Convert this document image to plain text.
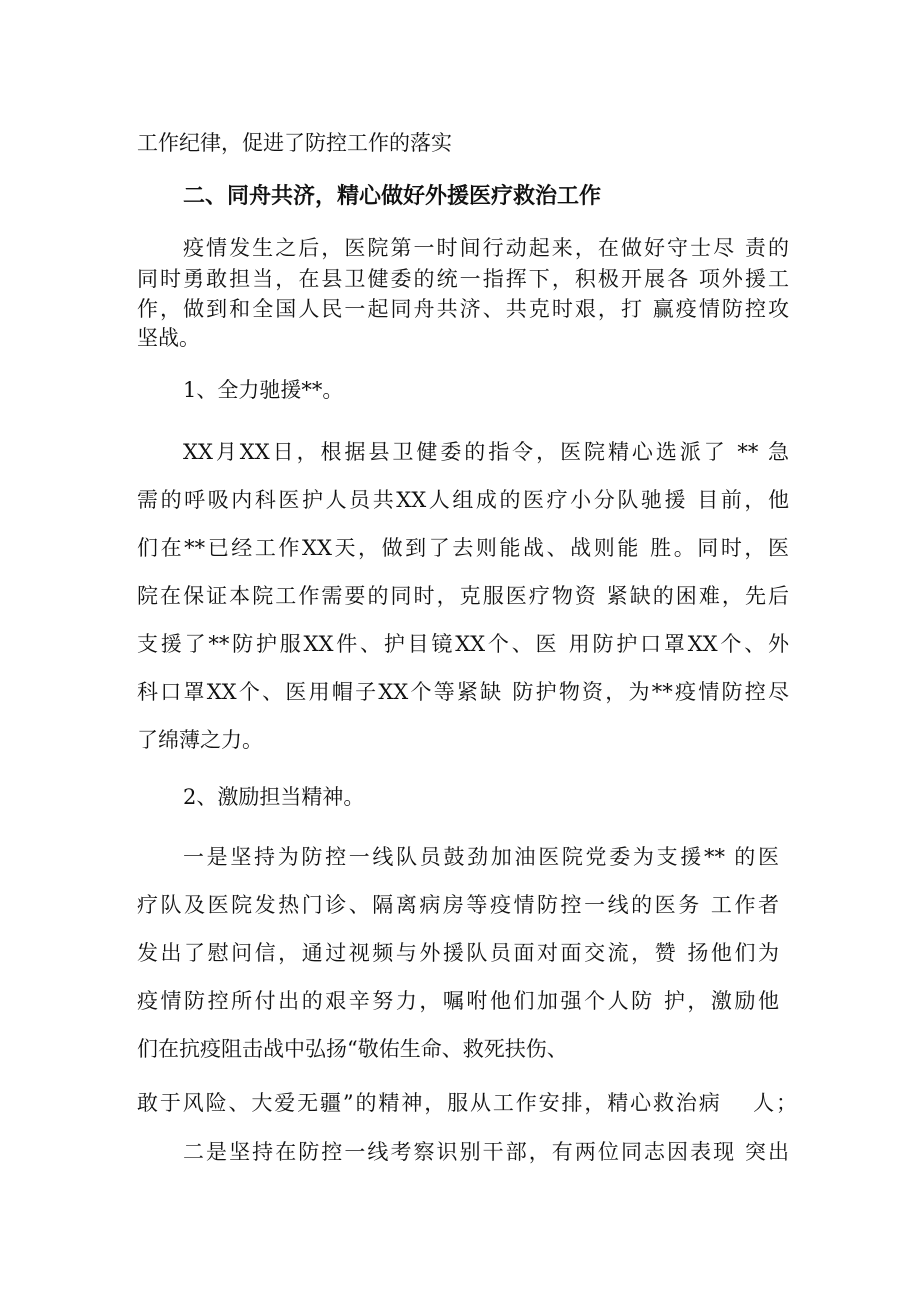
工作纪律，促进了防控工作的落实
二、同舟共济，精心做好外援医疗救治工作
疫情发生之后，医院第一时间行动起来，在做好守士尽 责的
同时勇敢担当，在县卫健委的统一指挥下，积极开展各 项外援工
作，做到和全国人民一起同舟共济、共克时艰，打 赢疫情防控攻
坚战。
1、全力驰援**。
XX月XX日，根据县卫健委的指令，医院精心选派了 ** 急
需的呼吸内科医护人员共XX人组成的医疗小分队驰援 目前，他
们在**已经工作XX天，做到了去则能战、战则能 胜。同时，医
院在保证本院工作需要的同时，克服医疗物资 紧缺的困难，先后
支援了**防护服XX件、护目镜XX个、医 用防护口罩XX个、外
科口罩XX个、医用帽子XX个等紧缺 防护物资，为**疫情防控尽
了绵薄之力。
2、激励担当精神。
一是坚持为防控一线队员鼓劲加油医院党委为支援** 的医
疗队及医院发热门诊、隔离病房等疫情防控一线的医务 工作者
发出了慰问信，通过视频与外援队员面对面交流，赞 扬他们为
疫情防控所付出的艰辛努力，嘱咐他们加强个人防 护，激励他
们在抗疫阻击战中弘扬“敬佑生命、救死扶伤、
敢于风险、大爱无疆”的精神，服从工作安排，精心救治病　 人；
二是坚持在防控一线考察识别干部，有两位同志因表现 突出
